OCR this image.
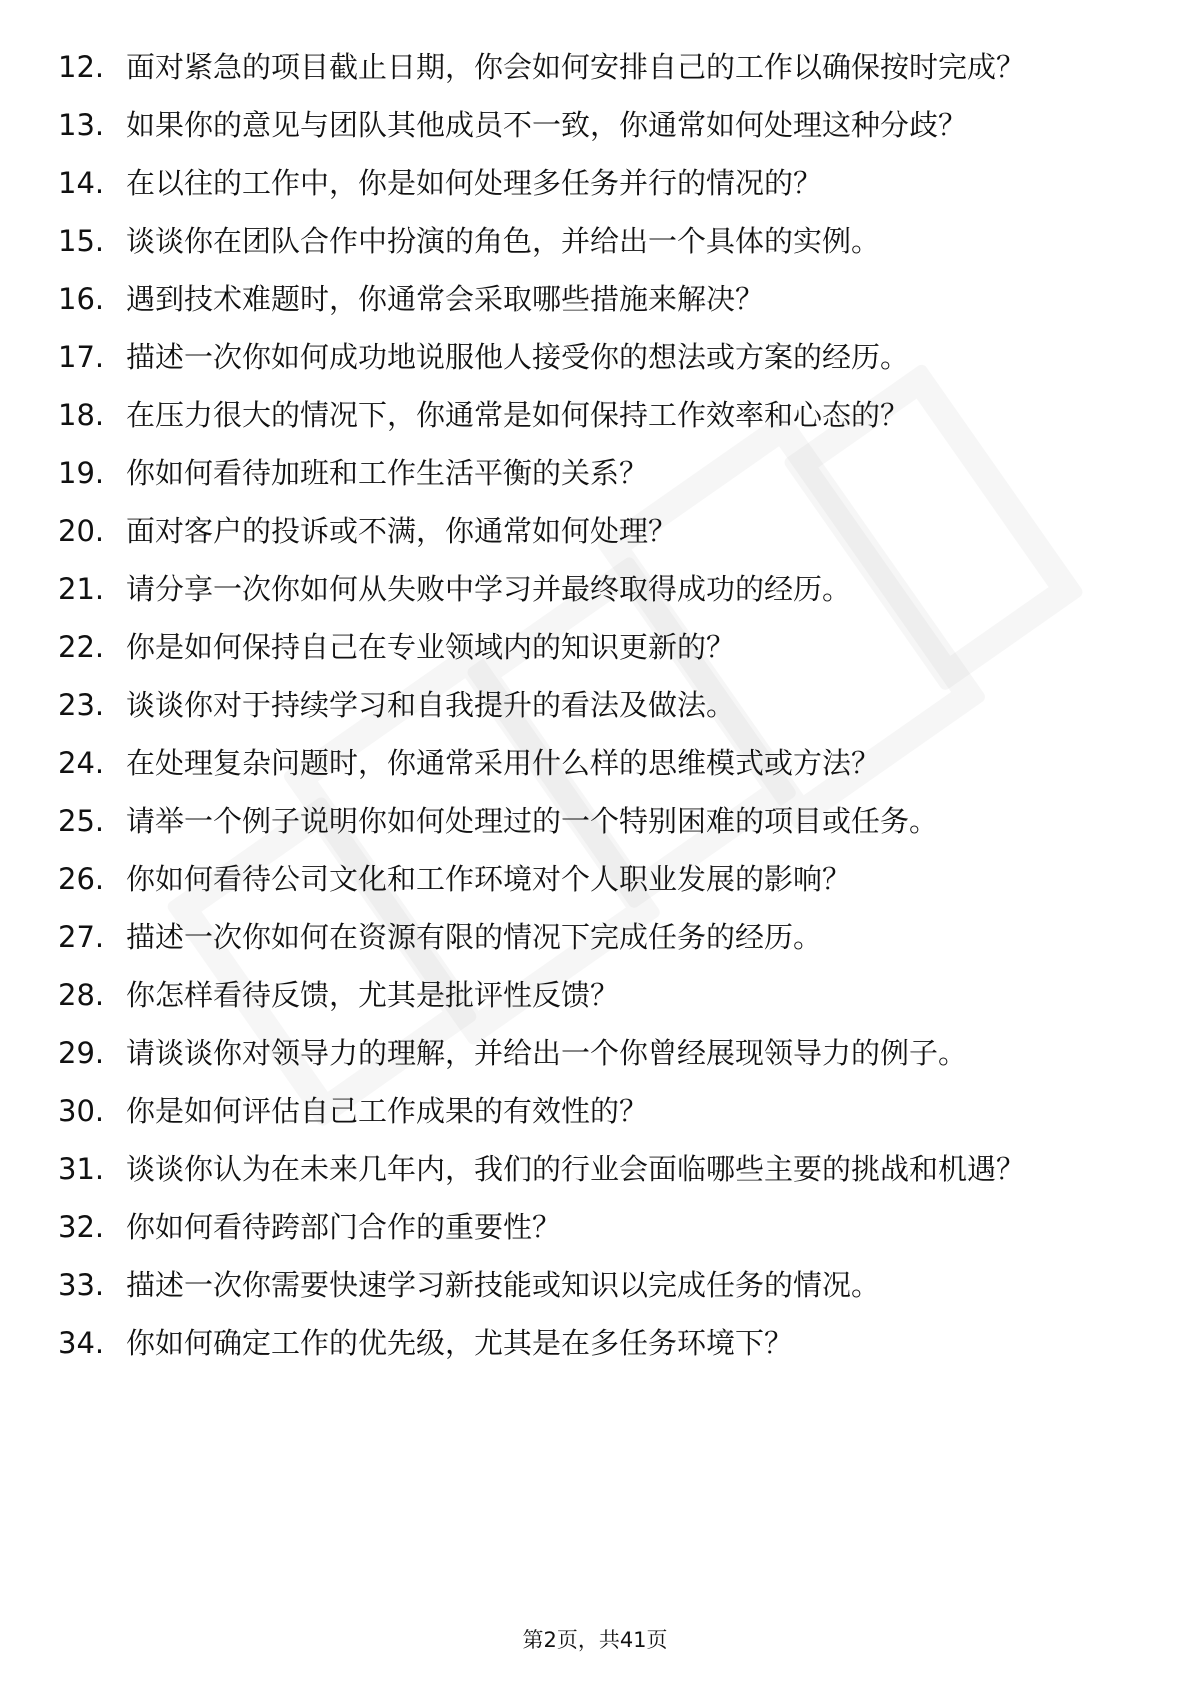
12. 面对紧急的项目截止日期，你会如何安排自己的工作以确保按时完成？
13. 如果你的意见与团队其他成员不一致，你通常如何处理这种分歧？
14. 在以往的工作中，你是如何处理多任务并行的情况的？
15. 谈谈你在团队合作中扮演的角色，并给出一个具体的实例。
16. 遇到技术难题时，你通常会采取哪些措施来解决？
17. 描述一次你如何成功地说服他人接受你的想法或方案的经历。
18. 在压力很大的情况下，你通常是如何保持工作效率和心态的？
19. 你如何看待加班和工作生活平衡的关系？
20. 面对客户的投诉或不满，你通常如何处理？
21. 请分享一次你如何从失败中学习并最终取得成功的经历。
22. 你是如何保持自己在专业领域内的知识更新的？
23. 谈谈你对于持续学习和自我提升的看法及做法。
24. 在处理复杂问题时，你通常采用什么样的思维模式或方法？
25. 请举一个例子说明你如何处理过的一个特别困难的项目或任务。
26. 你如何看待公司文化和工作环境对个人职业发展的影响？
27. 描述一次你如何在资源有限的情况下完成任务的经历。
28. 你怎样看待反馈，尤其是批评性反馈？
29. 请谈谈你对领导力的理解，并给出一个你曾经展现领导力的例子。
30. 你是如何评估自己工作成果的有效性的？
31. 谈谈你认为在未来几年内，我们的行业会面临哪些主要的挑战和机遇？
32. 你如何看待跨部门合作的重要性？
33. 描述一次你需要快速学习新技能或知识以完成任务的情况。
34. 你如何确定工作的优先级，尤其是在多任务环境下？
第2页，共41页
